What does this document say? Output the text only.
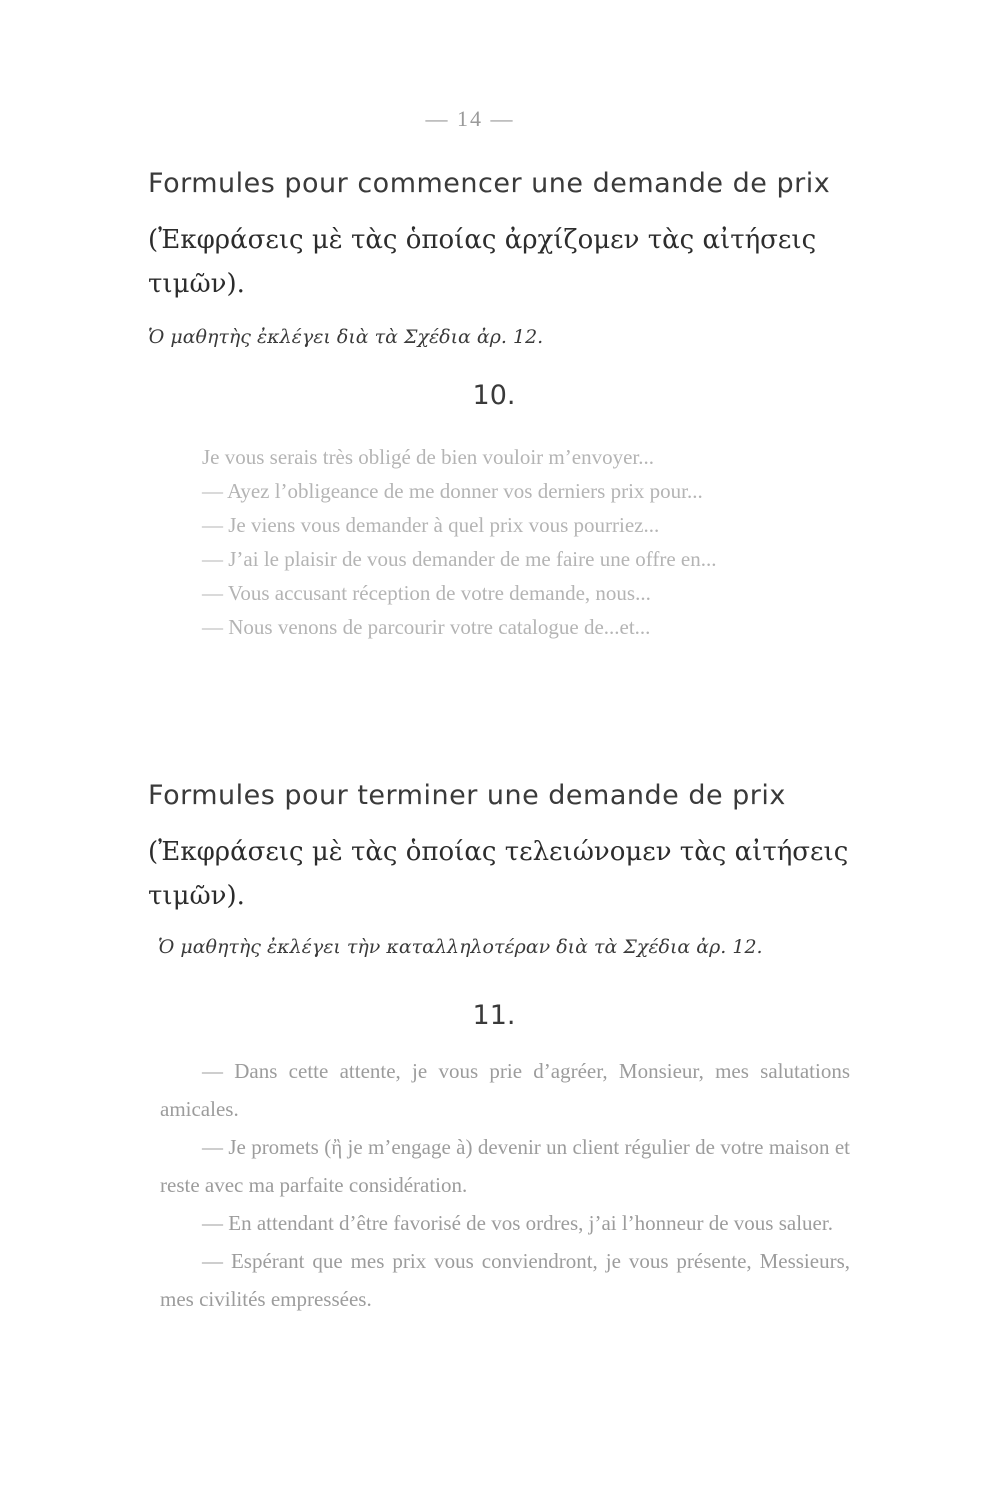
— 14 —
Formules pour commencer une demande de prix
(Ἐκφράσεις μὲ τὰς ὁποίας ἀρχίζομεν τὰς αἰτήσεις τιμῶν).
Ὁ μαθητὴς ἐκλέγει διὰ τὰ Σχέδια ἀρ. 12.
10.

Je vous serais très obligé de bien vouloir m’envoyer...

— Ayez l’obligeance de me donner vos derniers prix pour...

— Je viens vous demander à quel prix vous pourriez...

— J’ai le plaisir de vous demander de me faire une offre en...

— Vous accusant réception de votre demande, nous...

— Nous venons de parcourir votre catalogue de...et...

Formules pour terminer une demande de prix
(Ἐκφράσεις μὲ τὰς ὁποίας τελειώνομεν τὰς αἰτήσεις τιμῶν).
Ὁ μαθητὴς ἐκλέγει τὴν καταλληλοτέραν διὰ τὰ Σχέδια ἀρ. 12.
11.

— Dans cette attente, je vous prie d’agréer, Monsieur, mes salutations amicales.

— Je promets (ἢ je m’engage à) devenir un client régulier de votre maison et reste avec ma parfaite considération.

— En attendant d’être favorisé de vos ordres, j’ai l’honneur de vous saluer.

— Espérant que mes prix vous conviendront, je vous présente, Messieurs, mes civilités empressées.
